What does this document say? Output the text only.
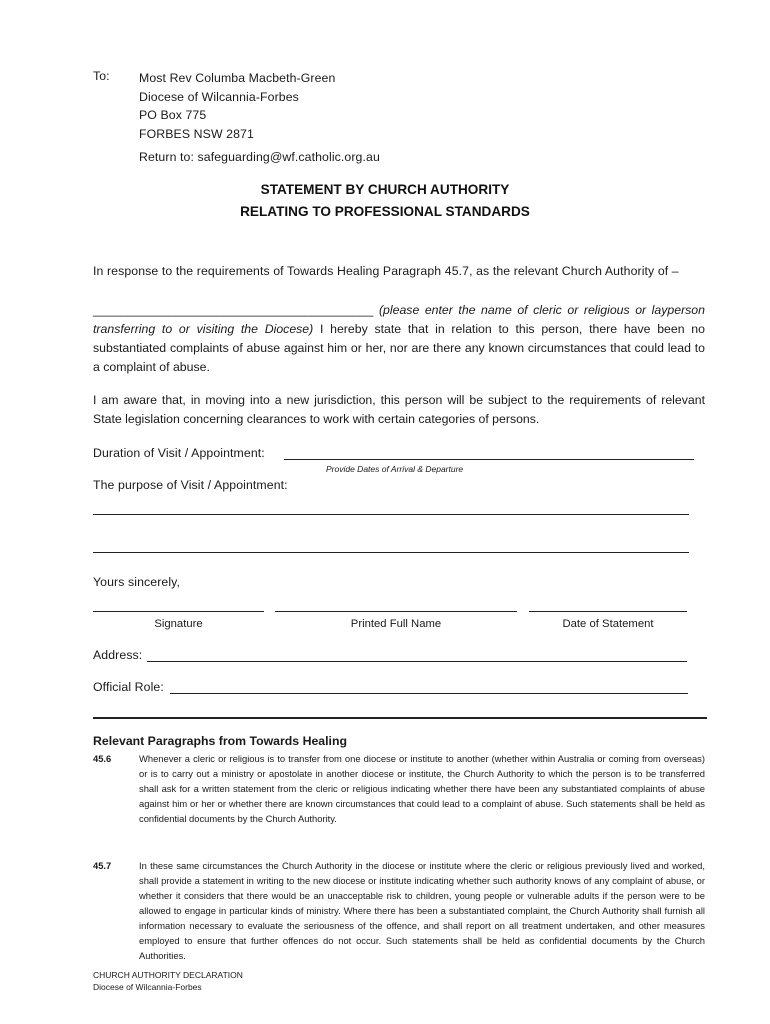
To: Most Rev Columba Macbeth-Green
Diocese of Wilcannia-Forbes
PO Box 775
FORBES NSW 2871
Return to: safeguarding@wf.catholic.org.au
STATEMENT BY CHURCH AUTHORITY
RELATING TO PROFESSIONAL STANDARDS
In response to the requirements of Towards Healing Paragraph 45.7, as the relevant Church Authority of –
_________________________________________ (please enter the name of cleric or religious or layperson transferring to or visiting the Diocese) I hereby state that in relation to this person, there have been no substantiated complaints of abuse against him or her, nor are there any known circumstances that could lead to a complaint of abuse.
I am aware that, in moving into a new jurisdiction, this person will be subject to the requirements of relevant State legislation concerning clearances to work with certain categories of persons.
Duration of Visit / Appointment:
Provide Dates of Arrival & Departure
The purpose of Visit / Appointment:
Yours sincerely,
Signature	Printed Full Name	Date of Statement
Address:
Official Role:
Relevant Paragraphs from Towards Healing
45.6	Whenever a cleric or religious is to transfer from one diocese or institute to another (whether within Australia or coming from overseas) or is to carry out a ministry or apostolate in another diocese or institute, the Church Authority to which the person is to be transferred shall ask for a written statement from the cleric or religious indicating whether there have been any substantiated complaints of abuse against him or her or whether there are known circumstances that could lead to a complaint of abuse. Such statements shall be held as confidential documents by the Church Authority.
45.7	In these same circumstances the Church Authority in the diocese or institute where the cleric or religious previously lived and worked, shall provide a statement in writing to the new diocese or institute indicating whether such authority knows of any complaint of abuse, or whether it considers that there would be an unacceptable risk to children, young people or vulnerable adults if the person were to be allowed to engage in particular kinds of ministry. Where there has been a substantiated complaint, the Church Authority shall furnish all information necessary to evaluate the seriousness of the offence, and shall report on all treatment undertaken, and other measures employed to ensure that further offences do not occur. Such statements shall be held as confidential documents by the Church Authorities.
CHURCH AUTHORITY DECLARATION
Diocese of Wilcannia-Forbes
